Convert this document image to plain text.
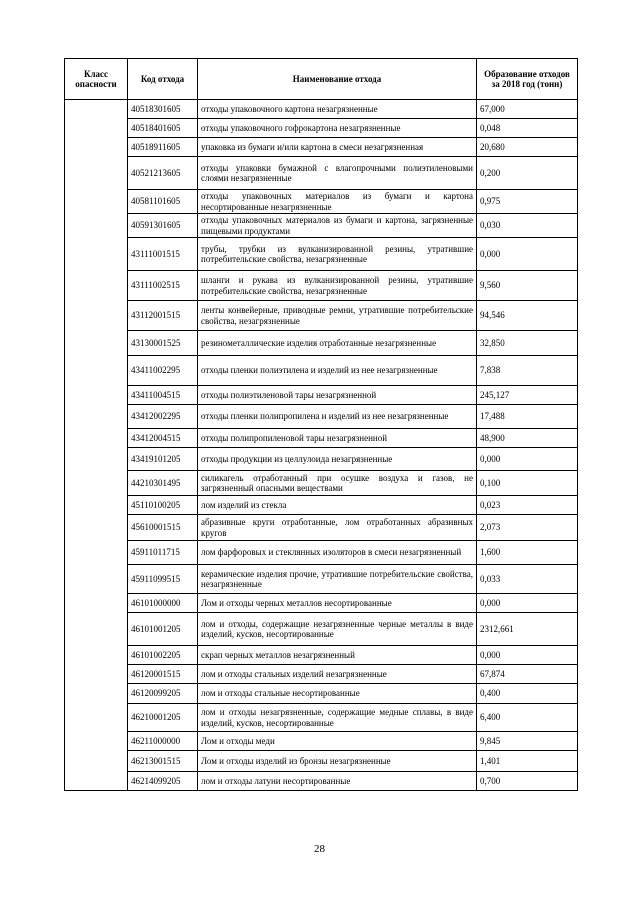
Класс опасности	Код отхода	Наименование отхода	Образование отходов за 2018 год (тонн)
	40518301605	отходы упаковочного картона незагрязненные	67,000
	40518401605	отходы упаковочного гофрокартона незагрязненные	0,048
	40518911605	упаковка из бумаги и/или картона в смеси незагрязненная	20,680
	40521213605	отходы упаковки бумажной с влагопрочными полиэтиленовыми слоями незагрязненные	0,200
	40581101605	отходы упаковочных материалов из бумаги и картона несортированные незагрязненные	0,975
	40591301605	отходы упаковочных материалов из бумаги и картона, загрязненные пищевыми продуктами	0,030
	43111001515	трубы, трубки из вулканизированной резины, утратившие потребительские свойства, незагрязненные	0,000
	43111002515	шланги и рукава из вулканизированной резины, утратившие потребительские свойства, незагрязненные	9,560
	43112001515	ленты конвейерные, приводные ремни, утратившие потребительские свойства, незагрязненные	94,546
	43130001525	резинометаллические изделия отработанные незагрязненные	32,850
	43411002295	отходы пленки полиэтилена и изделий из нее незагрязненные	7,838
	43411004515	отходы полиэтиленовой тары незагрязненной	245,127
	43412002295	отходы пленки полипропилена и изделий из нее незагрязненные	17,488
	43412004515	отходы полипропиленовой тары незагрязненной	48,900
	43419101205	отходы продукции из целлулоида незагрязненные	0,000
	44210301495	силикагель отработанный при осушке воздуха и газов, не загрязненный опасными веществами	0,100
	45110100205	лом изделий из стекла	0,023
	45610001515	абразивные круги отработанные, лом отработанных абразивных кругов	2,073
	45911011715	лом фарфоровых и стеклянных изоляторов в смеси незагрязненный	1,600
	45911099515	керамические изделия прочие, утратившие потребительские свойства, незагрязненные	0,033
	46101000000	Лом и отходы черных металлов несортированные	0,000
	46101001205	лом и отходы, содержащие незагрязненные черные металлы в виде изделий, кусков, несортированные	2312,661
	46101002205	скрап черных металлов незагрязненный	0,000
	46120001515	лом и отходы стальных изделий незагрязненные	67,874
	46120099205	лом и отходы стальные несортированные	0,400
	46210001205	лом и отходы незагрязненные, содержащие медные сплавы, в виде изделий, кусков, несортированные	6,400
	46211000000	Лом и отходы меди	9,845
	46213001515	Лом и отходы изделий из бронзы незагрязненные	1,401
	46214099205	лом и отходы латуни несортированные	0,700
28
